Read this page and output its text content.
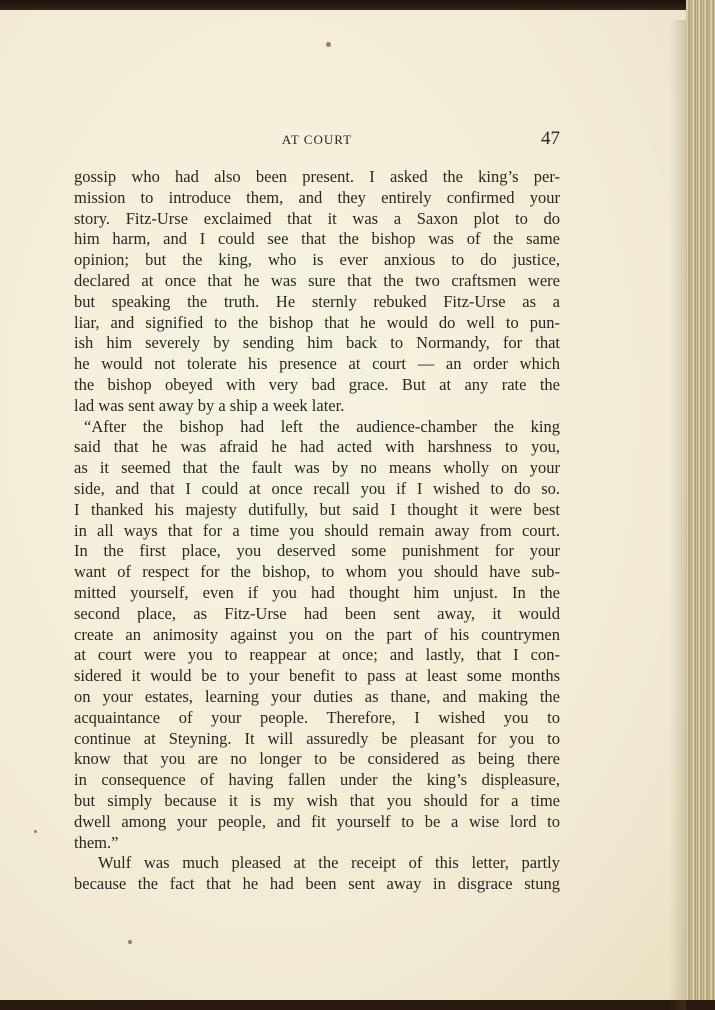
AT COURT	47
gossip who had also been present. I asked the king’s per-
mission to introduce them, and they entirely confirmed your
story. Fitz-Urse exclaimed that it was a Saxon plot to do
him harm, and I could see that the bishop was of the same
opinion; but the king, who is ever anxious to do justice,
declared at once that he was sure that the two craftsmen were
but speaking the truth. He sternly rebuked Fitz-Urse as a
liar, and signified to the bishop that he would do well to pun-
ish him severely by sending him back to Normandy, for that
he would not tolerate his presence at court — an order which
the bishop obeyed with very bad grace. But at any rate the
lad was sent away by a ship a week later.
“After the bishop had left the audience-chamber the king
said that he was afraid he had acted with harshness to you,
as it seemed that the fault was by no means wholly on your
side, and that I could at once recall you if I wished to do so.
I thanked his majesty dutifully, but said I thought it were best
in all ways that for a time you should remain away from court.
In the first place, you deserved some punishment for your
want of respect for the bishop, to whom you should have sub-
mitted yourself, even if you had thought him unjust. In the
second place, as Fitz-Urse had been sent away, it would
create an animosity against you on the part of his countrymen
at court were you to reappear at once; and lastly, that I con-
sidered it would be to your benefit to pass at least some months
on your estates, learning your duties as thane, and making the
acquaintance of your people. Therefore, I wished you to
continue at Steyning. It will assuredly be pleasant for you to
know that you are no longer to be considered as being there
in consequence of having fallen under the king’s displeasure,
but simply because it is my wish that you should for a time
dwell among your people, and fit yourself to be a wise lord to
them.”
Wulf was much pleased at the receipt of this letter, partly
because the fact that he had been sent away in disgrace stung
